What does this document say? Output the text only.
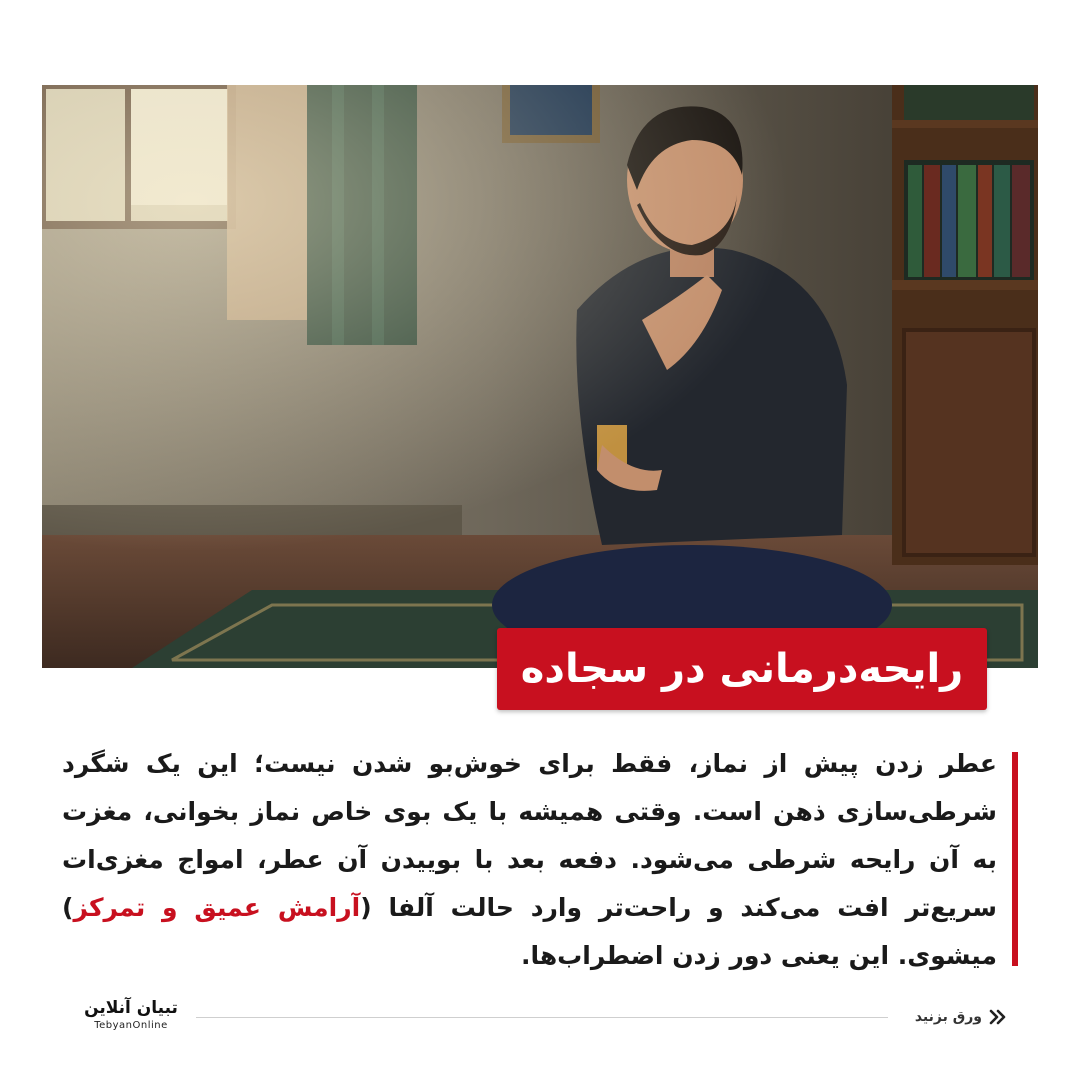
رایحه‌درمانی در سجاده
عطر زدن پیش از نماز، فقط برای خوش‌بو شدن نیست؛ این یک شگرد شرطی‌سازی ذهن است. وقتی همیشه با یک بوی خاص نماز بخوانی، مغزت به آن رایحه شرطی می‌شود. دفعه بعد با بوییدن آن عطر، امواج مغزی‌ات سریع‌تر افت می‌کند و راحت‌تر وارد حالت آلفا (آرامش عمیق و تمرکز) میشوی. این یعنی دور زدن اضطراب‌ها.
ورق بزنید
تبیان آنلاین
TebyanOnline
